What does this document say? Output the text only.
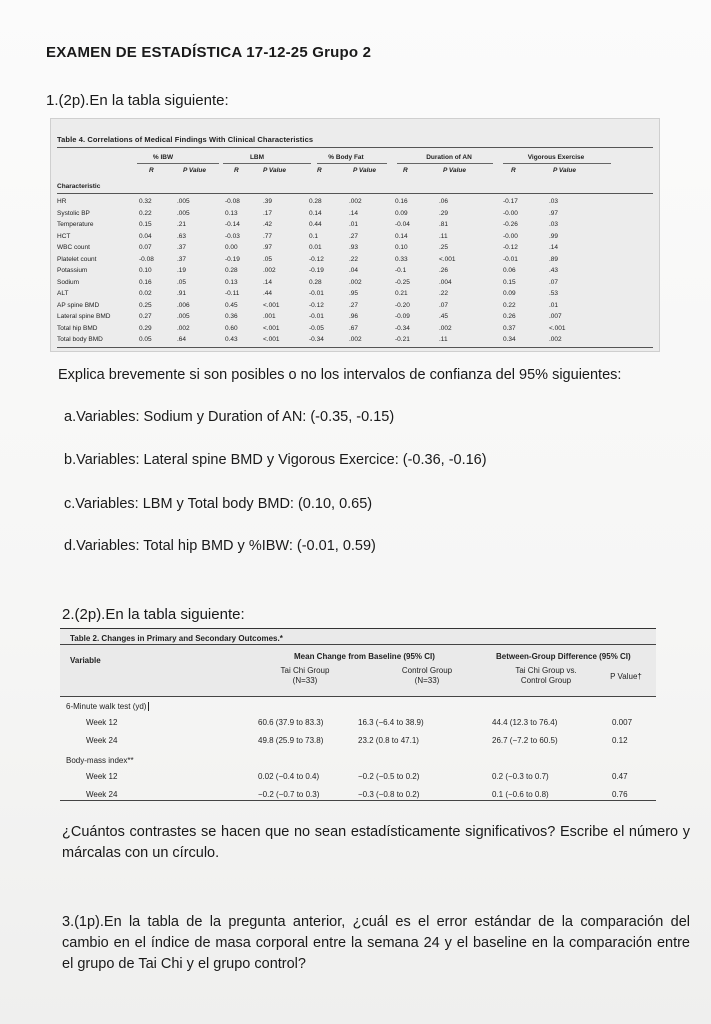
EXAMEN DE ESTADÍSTICA 17-12-25 Grupo 2
1.(2p).En la tabla siguiente:
Table 4. Correlations of Medical Findings With Clinical Characteristics
% IBW	LBM	% Body Fat	Duration of AN	Vigorous Exercise
R	P Value	R	P Value	R	P Value	R	P Value	R	P Value
Characteristic
HR	0.32	.005	-0.08	.39	0.28	.002	0.16	.06	-0.17	.03
Systolic BP	0.22	.005	0.13	.17	0.14	.14	0.09	.29	-0.00	.97
Temperature	0.15	.21	-0.14	.42	0.44	.01	-0.04	.81	-0.26	.03
HCT	0.04	.63	-0.03	.77	0.1	.27	0.14	.11	-0.00	.99
WBC count	0.07	.37	0.00	.97	0.01	.93	0.10	.25	-0.12	.14
Platelet count	-0.08	.37	-0.19	.05	-0.12	.22	0.33	<.001	-0.01	.89
Potassium	0.10	.19	0.28	.002	-0.19	.04	-0.1	.26	0.06	.43
Sodium	0.16	.05	0.13	.14	0.28	.002	-0.25	.004	0.15	.07
ALT	0.02	.91	-0.11	.44	-0.01	.95	0.21	.22	0.09	.53
AP spine BMD	0.25	.006	0.45	<.001	-0.12	.27	-0.20	.07	0.22	.01
Lateral spine BMD	0.27	.005	0.36	.001	-0.01	.96	-0.09	.45	0.26	.007
Total hip BMD	0.29	.002	0.60	<.001	-0.05	.67	-0.34	.002	0.37	<.001
Total body BMD	0.05	.64	0.43	<.001	-0.34	.002	-0.21	.11	0.34	.002
Explica brevemente si son posibles o no los intervalos de confianza del 95% siguientes:
a.Variables: Sodium y Duration of AN: (-0.35, -0.15)
b.Variables: Lateral spine BMD y Vigorous Exercice: (-0.36, -0.16)
c.Variables: LBM y Total body BMD: (0.10, 0.65)
d.Variables: Total hip BMD y %IBW: (-0.01, 0.59)
2.(2p).En la tabla siguiente:
Table 2. Changes in Primary and Secondary Outcomes.*
Variable	Mean Change from Baseline (95% CI)	Between-Group Difference (95% CI)
Tai Chi Group
(N=33)
Control Group
(N=33)
Tai Chi Group vs.
Control Group	P Value†
6-Minute walk test (yd)
Week 12	60.6 (37.9 to 83.3)	16.3 (−6.4 to 38.9)	44.4 (12.3 to 76.4)	0.007
Week 24	49.8 (25.9 to 73.8)	23.2 (0.8 to 47.1)	26.7 (−7.2 to 60.5)	0.12
Body-mass index**
Week 12	0.02 (−0.4 to 0.4)	−0.2 (−0.5 to 0.2)	0.2 (−0.3 to 0.7)	0.47
Week 24	−0.2 (−0.7 to 0.3)	−0.3 (−0.8 to 0.2)	0.1 (−0.6 to 0.8)	0.76
¿Cuántos contrastes se hacen que no sean estadísticamente significativos? Escribe el número y márcalas con un círculo.
3.(1p).En la tabla de la pregunta anterior, ¿cuál es el error estándar de la comparación del cambio en el índice de masa corporal entre la semana 24 y el baseline en la comparación entre el grupo de Tai Chi y el grupo control?
